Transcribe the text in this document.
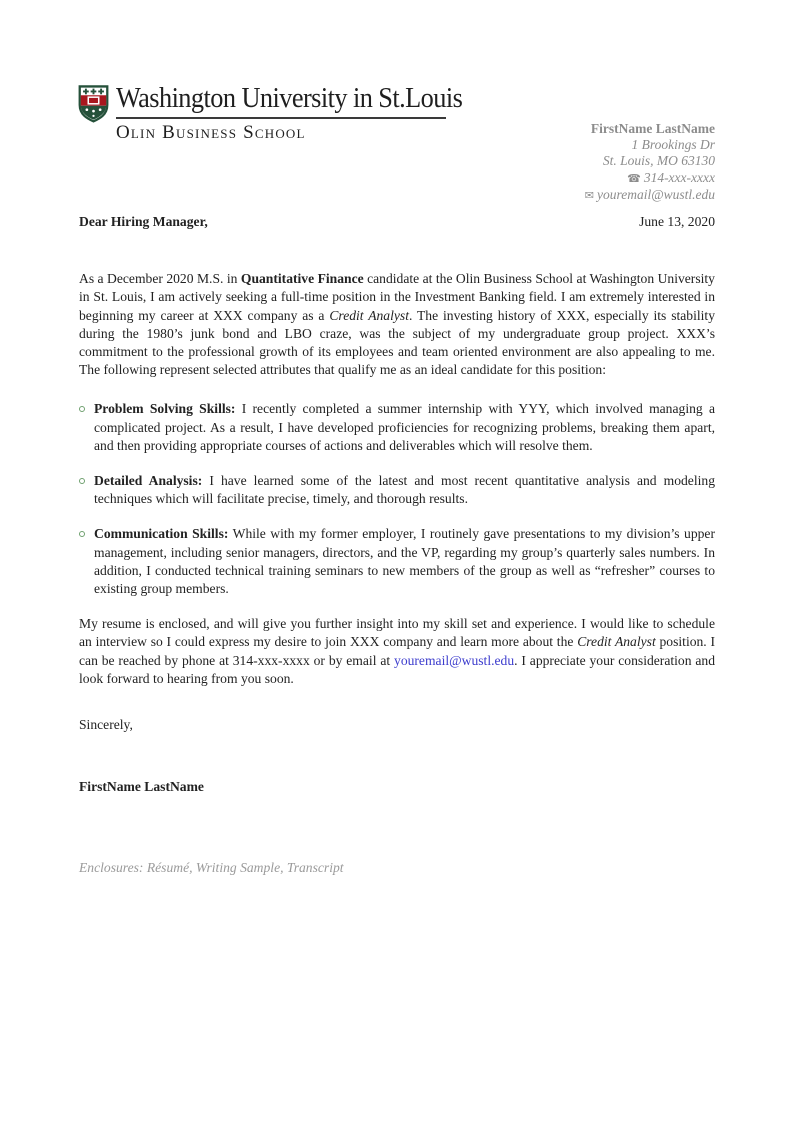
Washington University in St.Louis
Olin Business School	FirstName LastName
1 Brookings Dr
St. Louis, MO 63130
☎ 314-xxx-xxxx
✉ youremail@wustl.edu
Dear Hiring Manager,	June 13, 2020

As a December 2020 M.S. in Quantitative Finance candidate at the Olin Business School at Washington University in St. Louis, I am actively seeking a full-time position in the Investment Banking field. I am extremely interested in beginning my career at XXX company as a Credit Analyst. The investing history of XXX, especially its stability during the 1980’s junk bond and LBO craze, was the subject of my undergraduate group project. XXX’s commitment to the professional growth of its employees and team oriented environment are also appealing to me. The following represent selected attributes that qualify me as an ideal candidate for this position:

Problem Solving Skills: I recently completed a summer internship with YYY, which involved managing a complicated project. As a result, I have developed proficiencies for recognizing problems, breaking them apart, and then providing appropriate courses of actions and deliverables which will resolve them.
Detailed Analysis: I have learned some of the latest and most recent quantitative analysis and modeling techniques which will facilitate precise, timely, and thorough results.
Communication Skills: While with my former employer, I routinely gave presentations to my division’s upper management, including senior managers, directors, and the VP, regarding my group’s quarterly sales numbers. In addition, I conducted technical training seminars to new members of the group as well as “refresher” courses to existing group members.

My resume is enclosed, and will give you further insight into my skill set and experience. I would like to schedule an interview so I could express my desire to join XXX company and learn more about the Credit Analyst position. I can be reached by phone at 314-xxx-xxxx or by email at youremail@wustl.edu. I appreciate your consideration and look forward to hearing from you soon.

Sincerely,
FirstName LastName
Enclosures: Résumé, Writing Sample, Transcript
